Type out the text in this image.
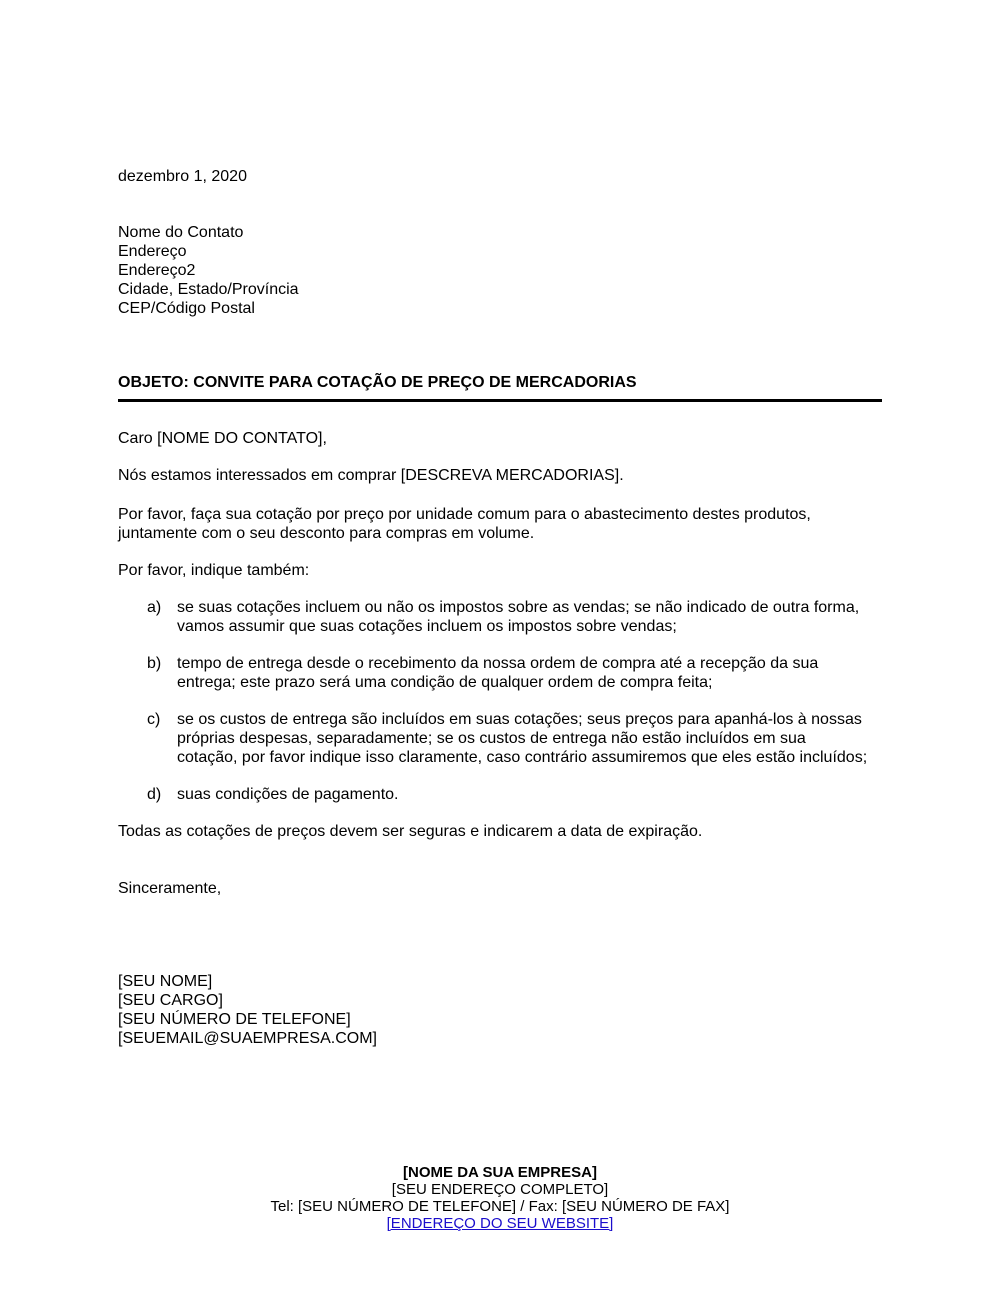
dezembro 1, 2020
Nome do Contato
Endereço
Endereço2
Cidade, Estado/Província
CEP/Código Postal
OBJETO: CONVITE PARA COTAÇÃO DE PREÇO DE MERCADORIAS
Caro [NOME DO CONTATO],
Nós estamos interessados em comprar [DESCREVA MERCADORIAS].
Por favor, faça sua cotação por preço por unidade comum para o abastecimento destes produtos,
juntamente com o seu desconto para compras em volume.
Por favor, indique também:
a) se suas cotações incluem ou não os impostos sobre as vendas; se não indicado de outra forma,
vamos assumir que suas cotações incluem os impostos sobre vendas;
b) tempo de entrega desde o recebimento da nossa ordem de compra até a recepção da sua
entrega; este prazo será uma condição de qualquer ordem de compra feita;
c) se os custos de entrega são incluídos em suas cotações; seus preços para apanhá-los à nossas
próprias despesas, separadamente; se os custos de entrega não estão incluídos em sua
cotação, por favor indique isso claramente, caso contrário assumiremos que eles estão incluídos;
d) suas condições de pagamento.
Todas as cotações de preços devem ser seguras e indicarem a data de expiração.
Sinceramente,
[SEU NOME]
[SEU CARGO]
[SEU NÚMERO DE TELEFONE]
[SEUEMAIL@SUAEMPRESA.COM]
[NOME DA SUA EMPRESA]
[SEU ENDEREÇO COMPLETO]
Tel: [SEU NÚMERO DE TELEFONE] / Fax: [SEU NÚMERO DE FAX]
[ENDEREÇO DO SEU WEBSITE]
